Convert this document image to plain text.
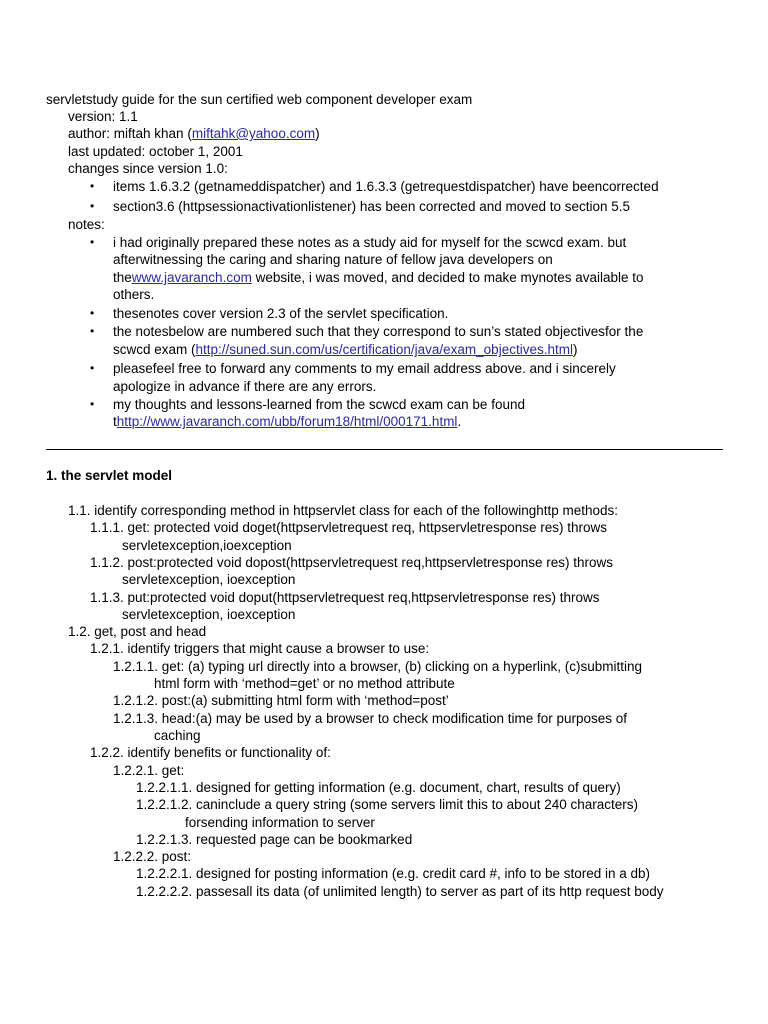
servletstudy guide for the sun certified web component developer exam
version: 1.1
author: miftah khan (miftahk@yahoo.com)
last updated: october 1, 2001
changes since version 1.0:
• items 1.6.3.2 (getnameddispatcher) and 1.6.3.3 (getrequestdispatcher) have beencorrected
• section3.6 (httpsessionactivationlistener) has been corrected and moved to section 5.5
notes:
• i had originally prepared these notes as a study aid for myself for the scwcd exam. but
afterwitnessing the caring and sharing nature of fellow java developers on
thewww.javaranch.com website, i was moved, and decided to make mynotes available to
others.
• thesenotes cover version 2.3 of the servlet specification.
• the notesbelow are numbered such that they correspond to sun’s stated objectivesfor the
scwcd exam (http://suned.sun.com/us/certification/java/exam_objectives.html)
• pleasefeel free to forward any comments to my email address above. and i sincerely
apologize in advance if there are any errors.
• my thoughts and lessons-learned from the scwcd exam can be found
thttp://www.javaranch.com/ubb/forum18/html/000171.html.
1. the servlet model
1.1. identify corresponding method in httpservlet class for each of the followinghttp methods:
1.1.1. get: protected void doget(httpservletrequest req, httpservletresponse res) throws
servletexception,ioexception
1.1.2. post:protected void dopost(httpservletrequest req,httpservletresponse res) throws
servletexception, ioexception
1.1.3. put:protected void doput(httpservletrequest req,httpservletresponse res) throws
servletexception, ioexception
1.2. get, post and head
1.2.1. identify triggers that might cause a browser to use:
1.2.1.1. get: (a) typing url directly into a browser, (b) clicking on a hyperlink, (c)submitting
html form with ‘method=get’ or no method attribute
1.2.1.2. post:(a) submitting html form with ‘method=post’
1.2.1.3. head:(a) may be used by a browser to check modification time for purposes of
caching
1.2.2. identify benefits or functionality of:
1.2.2.1. get:
1.2.2.1.1. designed for getting information (e.g. document, chart, results of query)
1.2.2.1.2. caninclude a query string (some servers limit this to about 240 characters)
forsending information to server
1.2.2.1.3. requested page can be bookmarked
1.2.2.2. post:
1.2.2.2.1. designed for posting information (e.g. credit card #, info to be stored in a db)
1.2.2.2.2. passesall its data (of unlimited length) to server as part of its http request body
